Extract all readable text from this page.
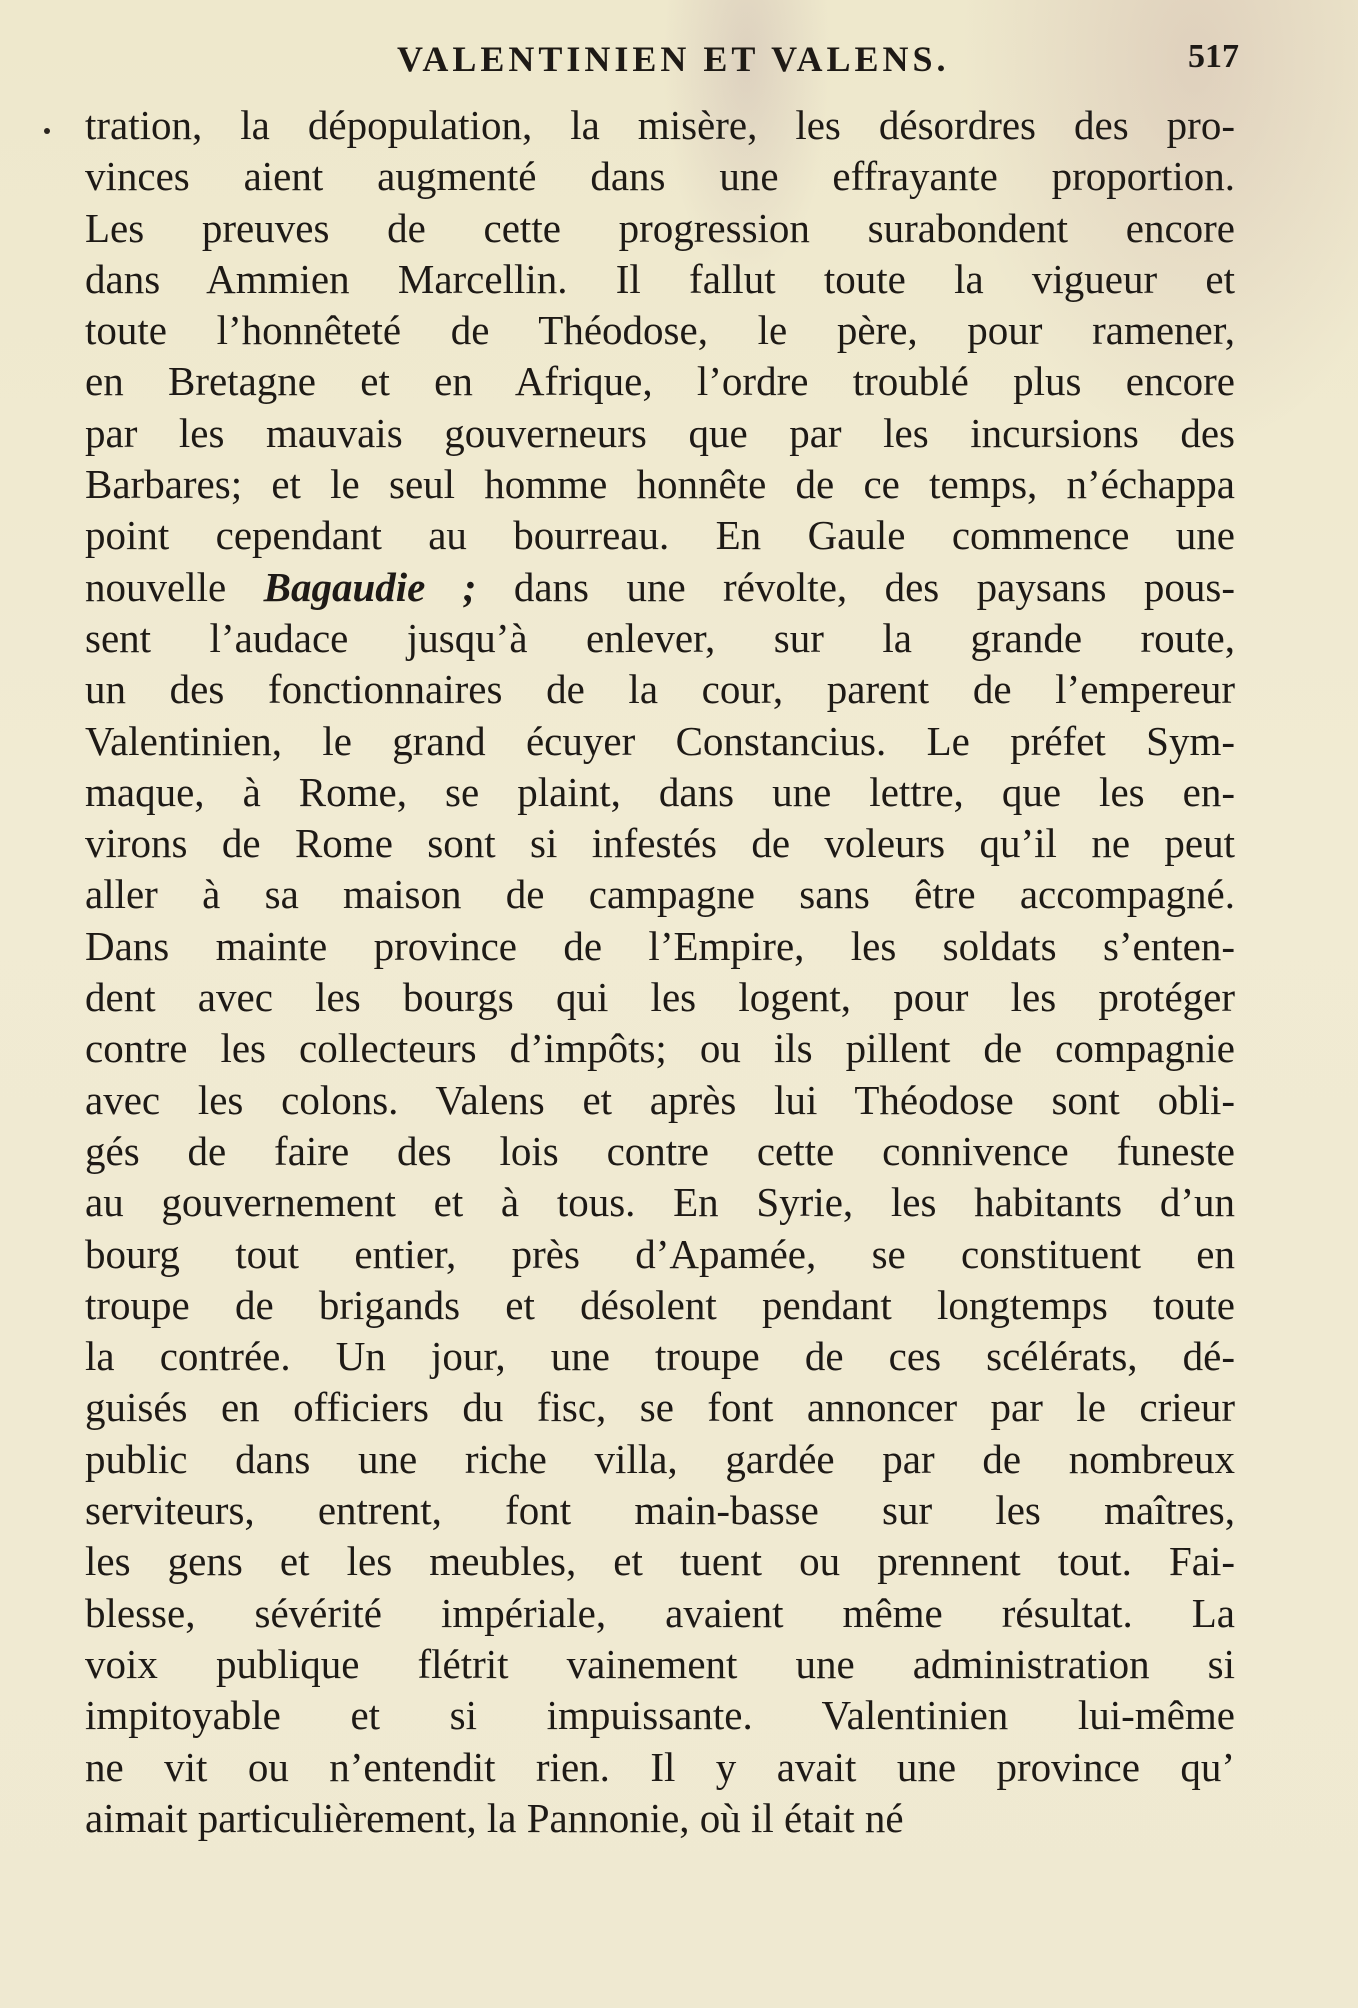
VALENTINIEN ET VALENS.	517
tration, la dépopulation, la misère, les désordres des pro-
vinces aient augmenté dans une effrayante proportion.
Les preuves de cette progression surabondent encore
dans Ammien Marcellin. Il fallut toute la vigueur et
toute l’honnêteté de Théodose, le père, pour ramener,
en Bretagne et en Afrique, l’ordre troublé plus encore
par les mauvais gouverneurs que par les incursions des
Barbares; et le seul homme honnête de ce temps, n’échappa
point cependant au bourreau. En Gaule commence une
nouvelle Bagaudie ; dans une révolte, des paysans pous-
sent l’audace jusqu’à enlever, sur la grande route,
un des fonctionnaires de la cour, parent de l’empereur
Valentinien, le grand écuyer Constancius. Le préfet Sym-
maque, à Rome, se plaint, dans une lettre, que les en-
virons de Rome sont si infestés de voleurs qu’il ne peut
aller à sa maison de campagne sans être accompagné.
Dans mainte province de l’Empire, les soldats s’enten-
dent avec les bourgs qui les logent, pour les protéger
contre les collecteurs d’impôts; ou ils pillent de compagnie
avec les colons. Valens et après lui Théodose sont obli-
gés de faire des lois contre cette connivence funeste
au gouvernement et à tous. En Syrie, les habitants d’un
bourg tout entier, près d’Apamée, se constituent en
troupe de brigands et désolent pendant longtemps toute
la contrée. Un jour, une troupe de ces scélérats, dé-
guisés en officiers du fisc, se font annoncer par le crieur
public dans une riche villa, gardée par de nombreux
serviteurs, entrent, font main-basse sur les maîtres,
les gens et les meubles, et tuent ou prennent tout. Fai-
blesse, sévérité impériale, avaient même résultat. La
voix publique flétrit vainement une administration si
impitoyable et si impuissante. Valentinien lui-même
ne vit ou n’entendit rien. Il y avait une province qu’
aimait particulièrement, la Pannonie, où il était né
